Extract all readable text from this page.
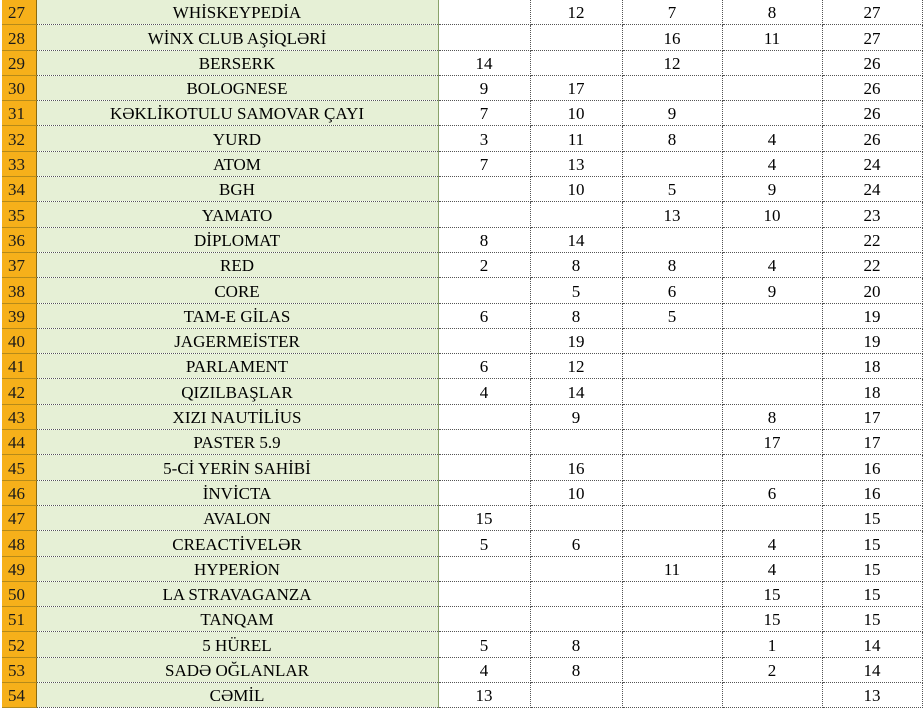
27	WHİSKEYPEDİA		12	7	8	27
28	WİNX CLUB AŞİQLƏRİ			16	11	27
29	BERSERK	14		12		26
30	BOLOGNESE	9	17			26
31	KƏKLİKOTULU SAMOVAR ÇAYI	7	10	9		26
32	YURD	3	11	8	4	26
33	ATOM	7	13		4	24
34	BGH		10	5	9	24
35	YAMATO			13	10	23
36	DİPLOMAT	8	14			22
37	RED	2	8	8	4	22
38	CORE		5	6	9	20
39	TAM-E GİLAS	6	8	5		19
40	JAGERMEİSTER		19			19
41	PARLAMENT	6	12			18
42	QIZILBAŞLAR	4	14			18
43	XIZI NAUTİLİUS		9		8	17
44	PASTER 5.9				17	17
45	5-Cİ YERİN SAHİBİ		16			16
46	İNVİCTA		10		6	16
47	AVALON	15				15
48	CREACTİVELƏR	5	6		4	15
49	HYPERİON			11	4	15
50	LA STRAVAGANZA				15	15
51	TANQAM				15	15
52	5 HÜREL	5	8		1	14
53	SADƏ OĞLANLAR	4	8		2	14
54	CƏMİL	13				13
